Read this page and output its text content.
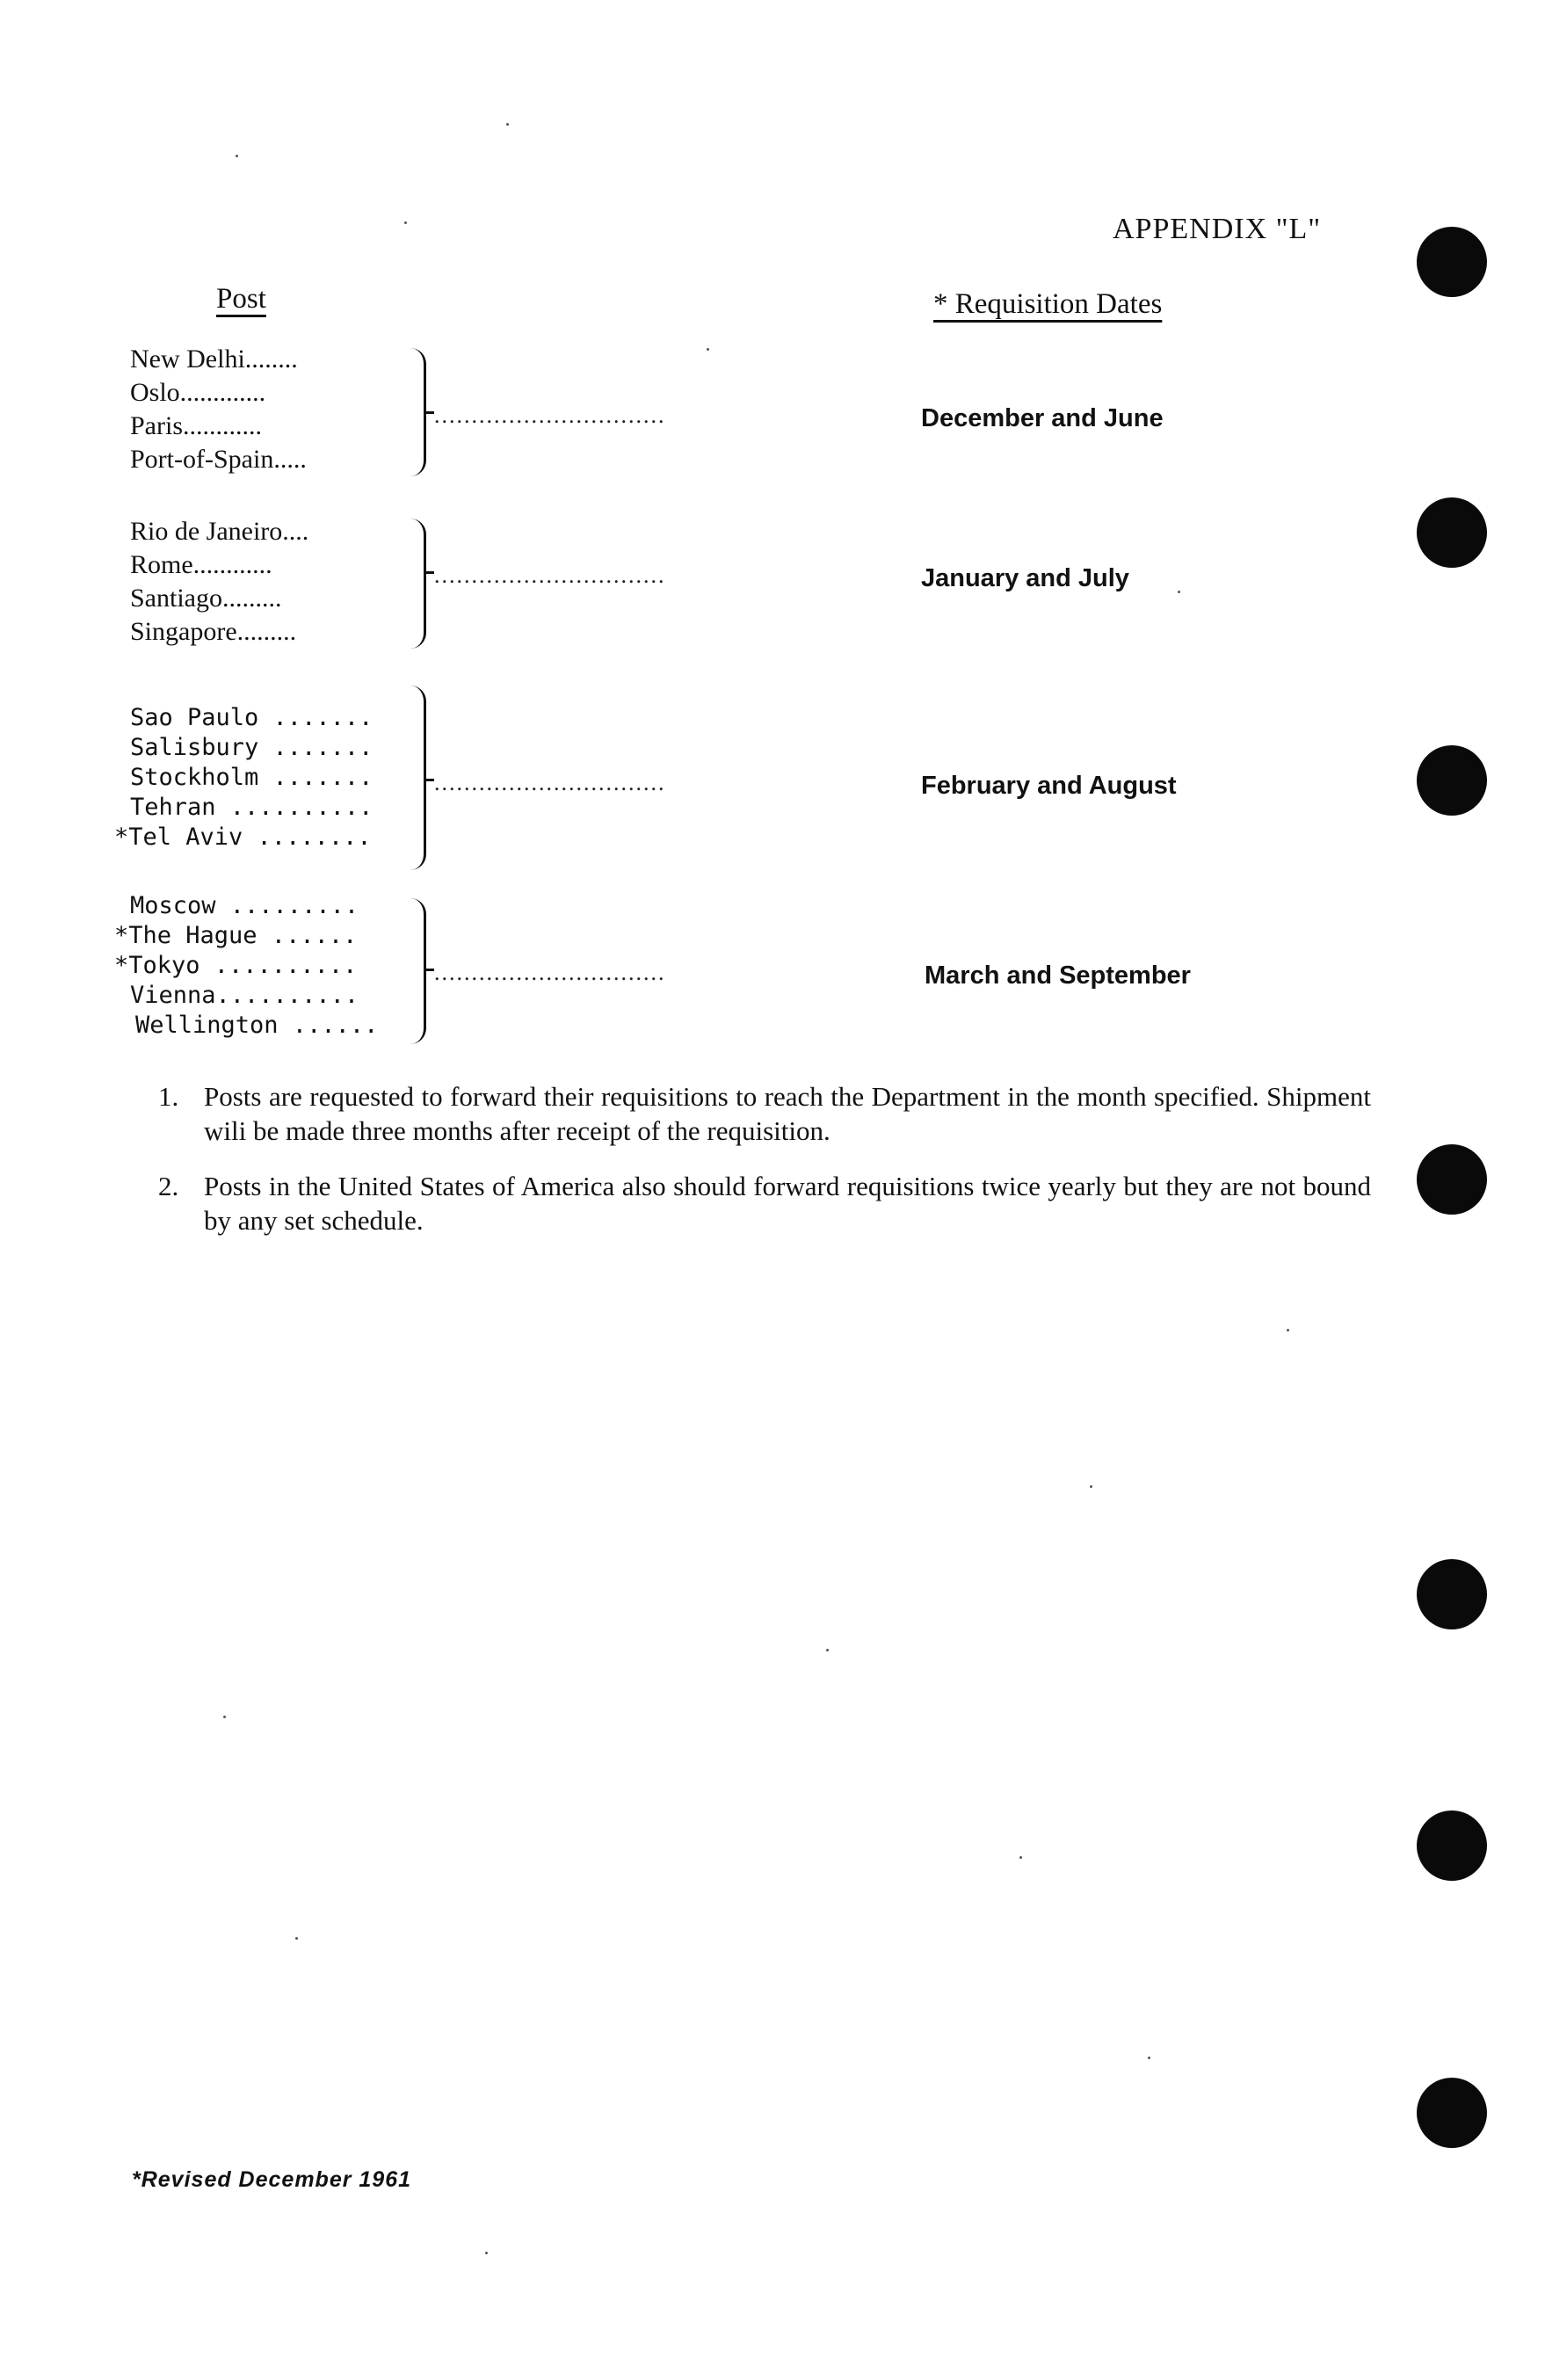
APPENDIX "L"
Post	* Requisition Dates
New Delhi........
Oslo.............
Paris............
Port-of-Spain.....
...............................	December and June
Rio de Janeiro....
Rome............
Santiago.........
Singapore.........
...............................	January and July
Sao Paulo .......
Salisbury .......
Stockholm .......
Tehran ..........
*Tel Aviv ........
...............................	February and August
Moscow .........
*The Hague ......
*Tokyo ..........
Vienna..........
Wellington ......
...............................	March and September
1. Posts are requested to forward their requisitions to reach the Department in the month specified. Shipment wili be made three months after receipt of the requisition.
2. Posts in the United States of America also should forward requisitions twice yearly but they are not bound by any set schedule.
*Revised December 1961
